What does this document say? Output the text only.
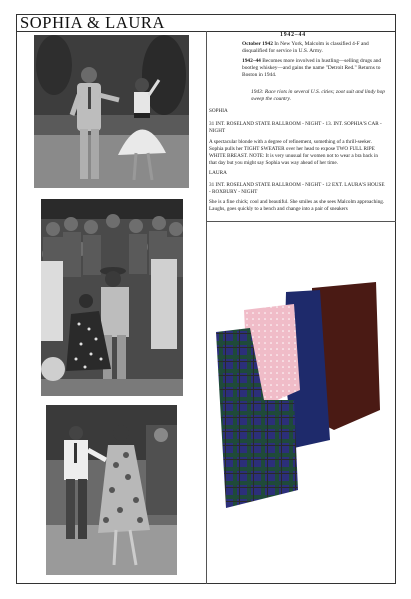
SOPHIA & LAURA
1942–44
October 1942 In New York, Malcolm is classified 4-F and disqualified for service in U.S. Army.
1942–44 Becomes more involved in hustling—selling drugs and bootleg whiskey—and gains the name "Detroit Red." Returns to Boston in 1944.
1943: Race riots in several U.S. cities; zoot suit and lindy hop sweep the country.
SOPHIA
31 INT. ROSELAND STATE BALLROOM - NIGHT - 13. INT. SOPHIA'S CAR - NIGHT
A spectacular blonde with a degree of refinement, something of a thrill-seeker. Sophia pulls her TIGHT SWEATER over her head to expose TWO FULL RIPE WHITE BREAST. NOTE: It is very unusual for women not to wear a bra back in that day but you might say Sophia was way ahead of her time.
LAURA
31 INT. ROSELAND STATE BALLROOM - NIGHT - 12 EXT. LAURA'S HOUSE - ROXBURY - NIGHT
She is a fine chick; cool and beautiful. She smiles as she sees Malcolm approaching. Laughs, goes quickly to a bench and change into a pair of sneakers
